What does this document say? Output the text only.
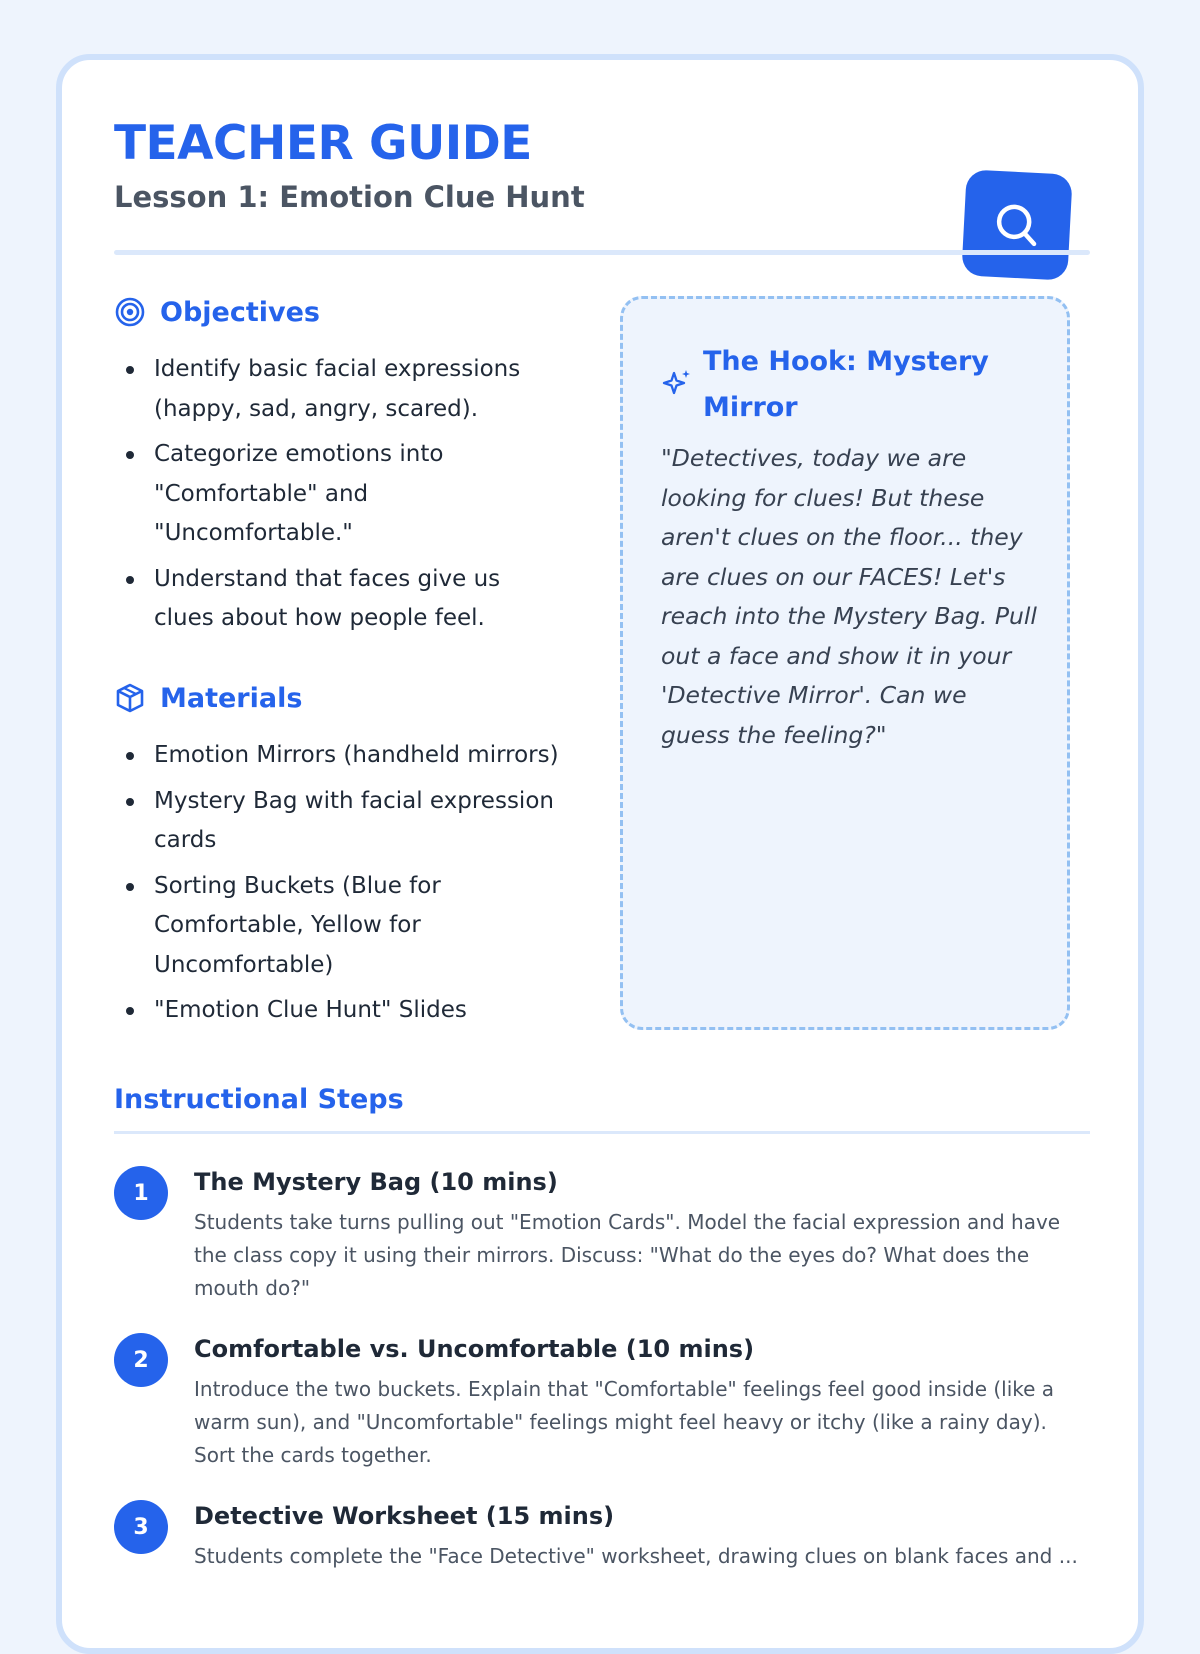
TEACHER GUIDE
Lesson 1: Emotion Clue Hunt
Objectives
Identify basic facial expressions (happy, sad, angry, scared).
Categorize emotions into "Comfortable" and "Uncomfortable."
Understand that faces give us clues about how people feel.
Materials
Emotion Mirrors (handheld mirrors)
Mystery Bag with facial expression cards
Sorting Buckets (Blue for Comfortable, Yellow for Uncomfortable)
"Emotion Clue Hunt" Slides
The Hook: Mystery Mirror
"Detectives, today we are looking for clues! But these aren't clues on the floor... they are clues on our FACES! Let's reach into the Mystery Bag. Pull out a face and show it in your 'Detective Mirror'. Can we guess the feeling?"
Instructional Steps
1	The Mystery Bag (10 mins)
Students take turns pulling out "Emotion Cards". Model the facial expression and have the class copy it using their mirrors. Discuss: "What do the eyes do? What does the mouth do?"
2	Comfortable vs. Uncomfortable (10 mins)
Introduce the two buckets. Explain that "Comfortable" feelings feel good inside (like a warm sun), and "Uncomfortable" feelings might feel heavy or itchy (like a rainy day). Sort the cards together.
3	Detective Worksheet (15 mins)
Students complete the "Face Detective" worksheet, drawing clues on blank faces and ...
